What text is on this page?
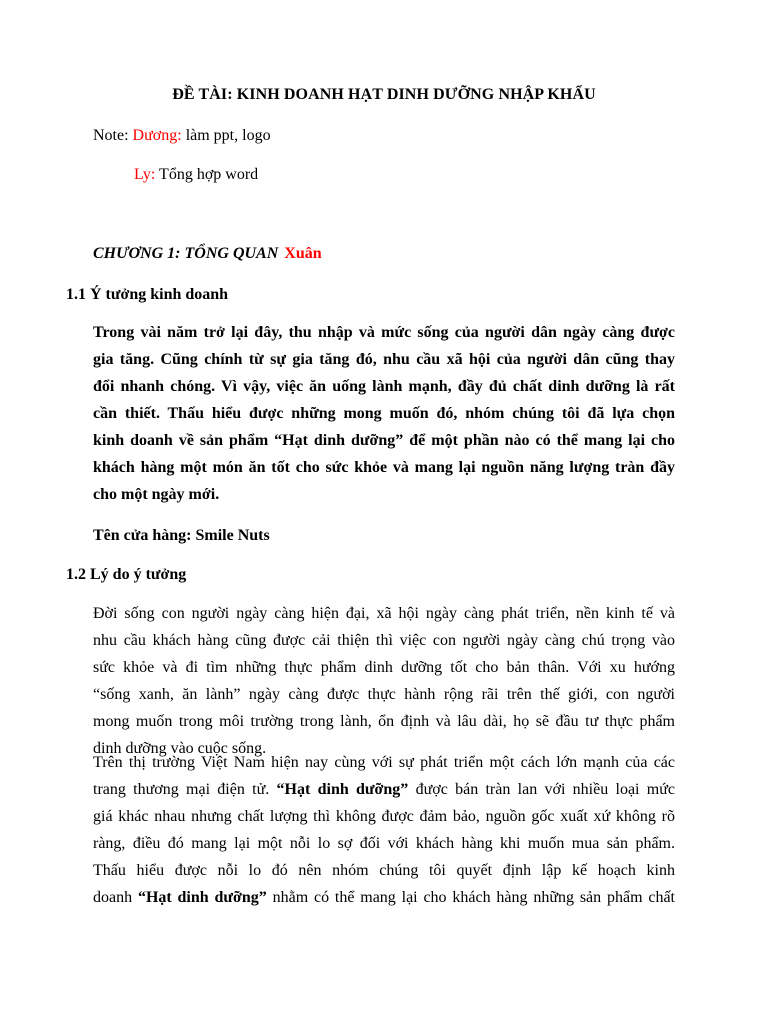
ĐỀ TÀI: KINH DOANH HẠT DINH DƯỠNG NHẬP KHẨU
Note: Dương: làm ppt, logo
Ly: Tổng hợp word
CHƯƠNG 1: TỔNG QUAN Xuân
1.1 Ý tưởng kinh doanh
Trong vài năm trở lại đây, thu nhập và mức sống của người dân ngày càng được
gia tăng. Cũng chính từ sự gia tăng đó, nhu cầu xã hội của người dân cũng thay
đổi nhanh chóng. Vì vậy, việc ăn uống lành mạnh, đầy đủ chất dinh dưỡng là rất
cần thiết. Thấu hiểu được những mong muốn đó, nhóm chúng tôi đã lựa chọn
kinh doanh về sản phẩm “Hạt dinh dưỡng” để một phần nào có thể mang lại cho
khách hàng một món ăn tốt cho sức khỏe và mang lại nguồn năng lượng tràn đầy
cho một ngày mới.
Tên cửa hàng: Smile Nuts
1.2 Lý do ý tưởng
Đời sống con người ngày càng hiện đại, xã hội ngày càng phát triển, nền kinh tế và
nhu cầu khách hàng cũng được cải thiện thì việc con người ngày càng chú trọng vào
sức khỏe và đi tìm những thực phẩm dinh dưỡng tốt cho bản thân. Với xu hướng
“sống xanh, ăn lành” ngày càng được thực hành rộng rãi trên thế giới, con người
mong muốn trong môi trường trong lành, ổn định và lâu dài, họ sẽ đầu tư thực phẩm
dinh dưỡng vào cuộc sống.
Trên thị trường Việt Nam hiện nay cùng với sự phát triển một cách lớn mạnh của các
trang thương mại điện tử. “Hạt dinh dưỡng” được bán tràn lan với nhiều loại mức
giá khác nhau nhưng chất lượng thì không được đảm bảo, nguồn gốc xuất xứ không rõ
ràng, điều đó mang lại một nỗi lo sợ đối với khách hàng khi muốn mua sản phẩm.
Thấu hiểu được nỗi lo đó nên nhóm chúng tôi quyết định lập kế hoạch kinh
doanh “Hạt dinh dưỡng” nhằm có thể mang lại cho khách hàng những sản phẩm chất
